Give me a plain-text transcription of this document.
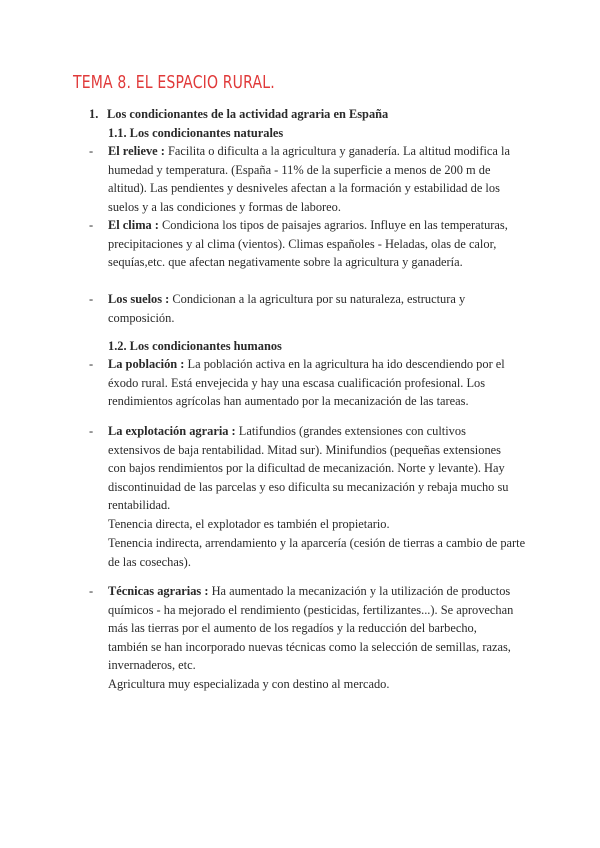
TEMA 8. EL ESPACIO RURAL.
1. Los condicionantes de la actividad agraria en España
1.1. Los condicionantes naturales
- El relieve : Facilita o dificulta a la agricultura y ganadería. La altitud modifica la humedad y temperatura. (España - 11% de la superficie a menos de 200 m de altitud). Las pendientes y desniveles afectan a la formación y estabilidad de los suelos y a las condiciones y formas de laboreo.
- El clima : Condiciona los tipos de paisajes agrarios. Influye en las temperaturas, precipitaciones y al clima (vientos). Climas españoles - Heladas, olas de calor, sequías,etc. que afectan negativamente sobre la agricultura y ganadería.
- Los suelos : Condicionan a la agricultura por su naturaleza, estructura y composición.
1.2. Los condicionantes humanos
- La población : La población activa en la agricultura ha ido descendiendo por el éxodo rural. Está envejecida y hay una escasa cualificación profesional. Los rendimientos agrícolas han aumentado por la mecanización de las tareas.
- La explotación agraria : Latifundios (grandes extensiones con cultivos extensivos de baja rentabilidad. Mitad sur). Minifundios (pequeñas extensiones con bajos rendimientos por la dificultad de mecanización. Norte y levante). Hay discontinuidad de las parcelas y eso dificulta su mecanización y rebaja mucho su rentabilidad.
Tenencia directa, el explotador es también el propietario.
Tenencia indirecta, arrendamiento y la aparcería (cesión de tierras a cambio de parte de las cosechas).
- Técnicas agrarias : Ha aumentado la mecanización y la utilización de productos químicos - ha mejorado el rendimiento (pesticidas, fertilizantes...). Se aprovechan más las tierras por el aumento de los regadíos y la reducción del barbecho, también se han incorporado nuevas técnicas como la selección de semillas, razas, invernaderos, etc.
Agricultura muy especializada y con destino al mercado.
